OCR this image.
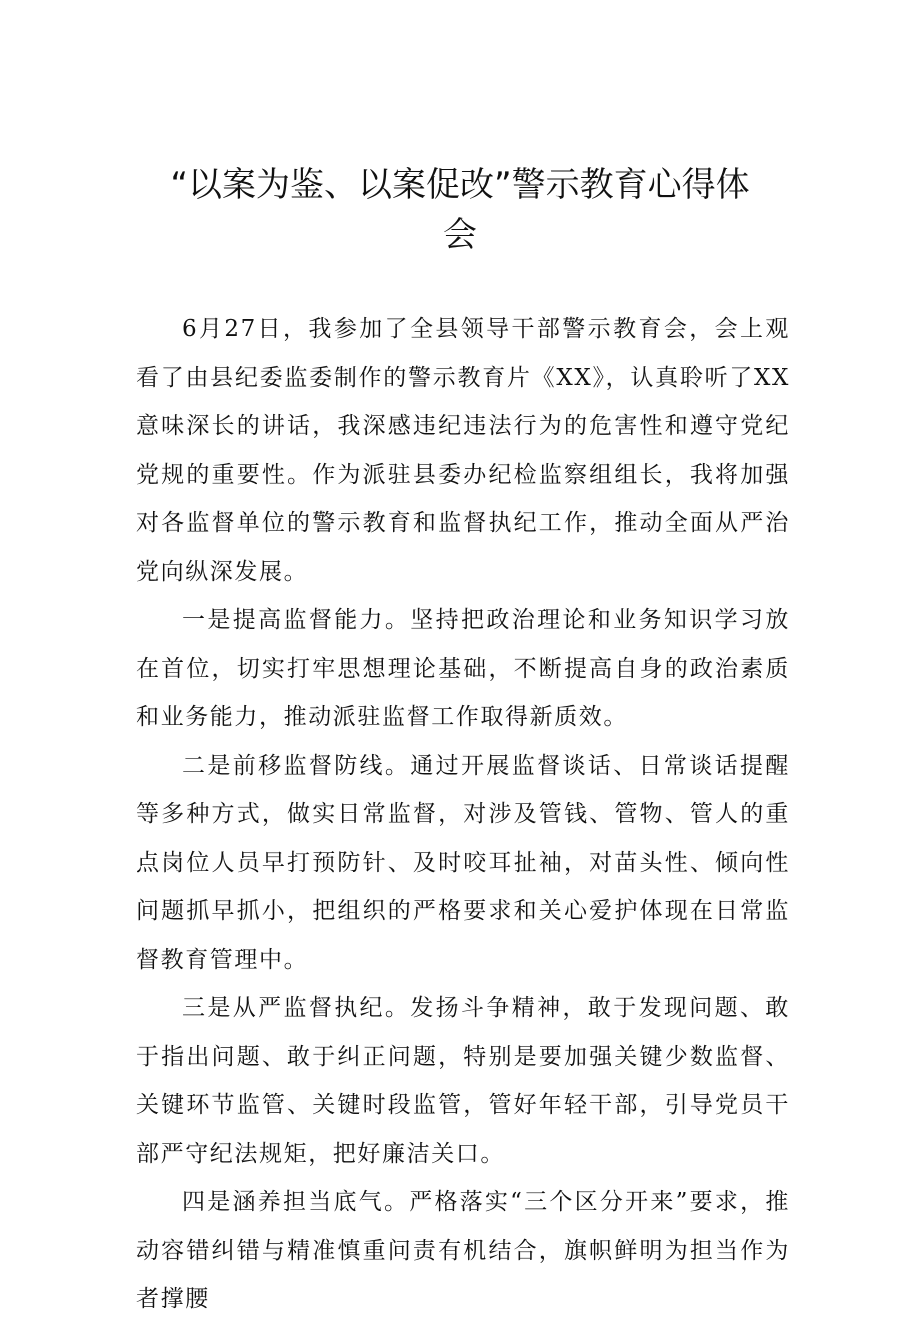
“以案为鉴、以案促改”警示教育心得体会

6月27日，我参加了全县领导干部警示教育会，会上观看了由县纪委监委制作的警示教育片《XX》，认真聆听了XX意味深长的讲话，我深感违纪违法行为的危害性和遵守党纪党规的重要性。作为派驻县委办纪检监察组组长，我将加强对各监督单位的警示教育和监督执纪工作，推动全面从严治党向纵深发展。

一是提高监督能力。坚持把政治理论和业务知识学习放在首位，切实打牢思想理论基础，不断提高自身的政治素质和业务能力，推动派驻监督工作取得新质效。

二是前移监督防线。通过开展监督谈话、日常谈话提醒等多种方式，做实日常监督，对涉及管钱、管物、管人的重点岗位人员早打预防针、及时咬耳扯袖，对苗头性、倾向性问题抓早抓小，把组织的严格要求和关心爱护体现在日常监督教育管理中。

三是从严监督执纪。发扬斗争精神，敢于发现问题、敢于指出问题、敢于纠正问题，特别是要加强关键少数监督、关键环节监管、关键时段监管，管好年轻干部，引导党员干部严守纪法规矩，把好廉洁关口。

四是涵养担当底气。严格落实“三个区分开来”要求，推动容错纠错与精准慎重问责有机结合，旗帜鲜明为担当作为者撑腰
